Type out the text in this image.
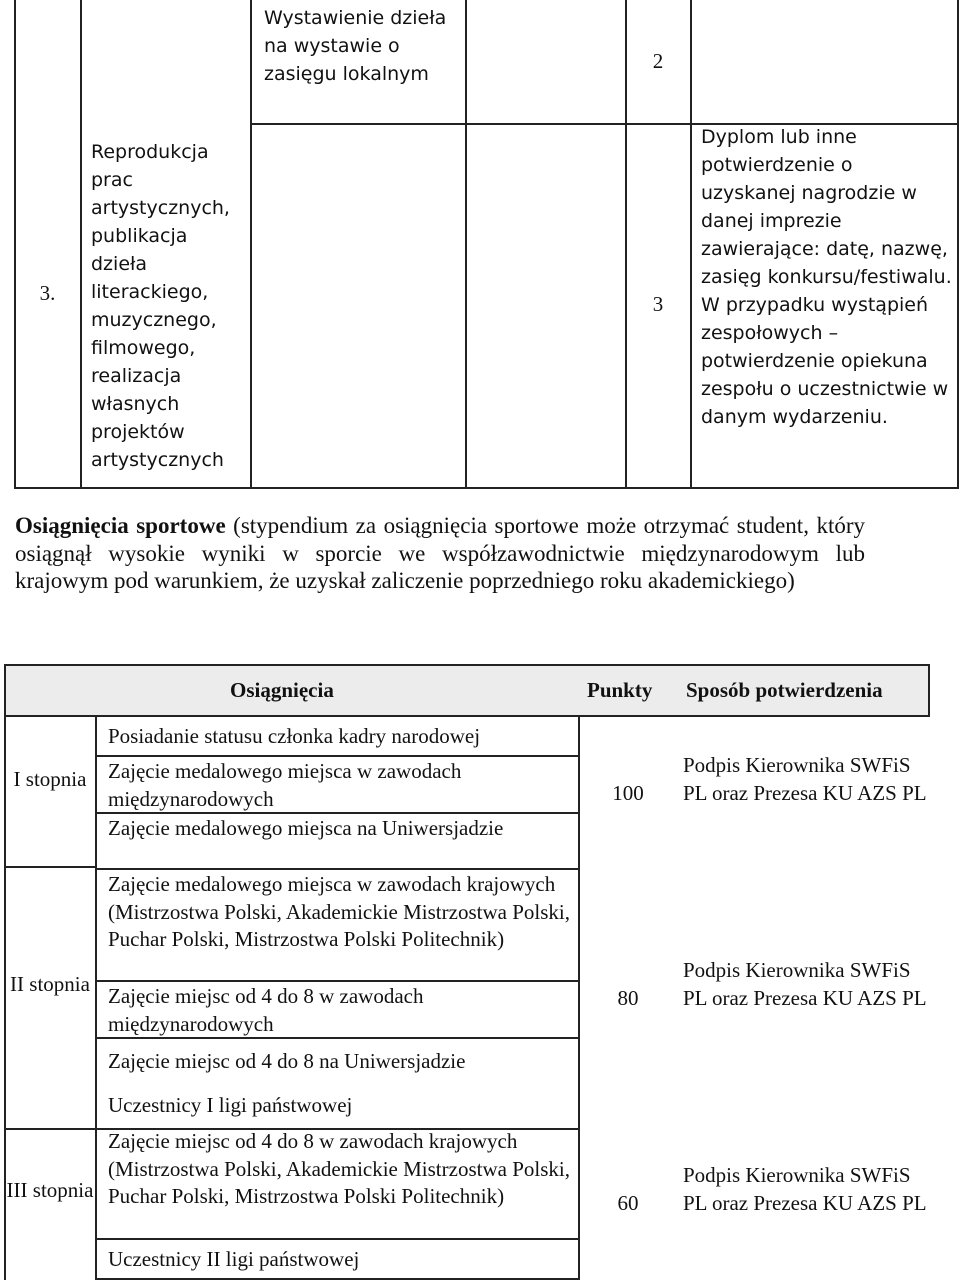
3.
Reprodukcja prac artystycznych, publikacja dzieła literackiego, muzycznego, filmowego, realizacja własnych projektów artystycznych
Wystawienie dzieła na wystawie o zasięgu lokalnym
2
3
Dyplom lub inne potwierdzenie o uzyskanej nagrodzie w danej imprezie zawierające: datę, nazwę, zasięg konkursu/festiwalu. W przypadku wystąpień zespołowych – potwierdzenie opiekuna zespołu o uczestnictwie w danym wydarzeniu.
Osiągnięcia sportowe (stypendium za osiągnięcia sportowe może otrzymać student, który osiągnął wysokie wyniki w sporcie we współzawodnictwie międzynarodowym lub krajowym pod warunkiem, że uzyskał zaliczenie poprzedniego roku akademickiego)
Osiągnięcia	Punkty Sposób potwierdzenia
I stopnia
Posiadanie statusu członka kadry narodowej
Zajęcie medalowego miejsca w zawodach międzynarodowych
Zajęcie medalowego miejsca na Uniwersjadzie
100
Podpis Kierownika SWFiS PL oraz Prezesa KU AZS PL
II stopnia
Zajęcie medalowego miejsca w zawodach krajowych (Mistrzostwa Polski, Akademickie Mistrzostwa Polski, Puchar Polski, Mistrzostwa Polski Politechnik)
Zajęcie miejsc od 4 do 8 w zawodach międzynarodowych
Zajęcie miejsc od 4 do 8 na Uniwersjadzie
Uczestnicy I ligi państwowej
80
Podpis Kierownika SWFiS PL oraz Prezesa KU AZS PL
III stopnia
Zajęcie miejsc od 4 do 8 w zawodach krajowych (Mistrzostwa Polski, Akademickie Mistrzostwa Polski, Puchar Polski, Mistrzostwa Polski Politechnik)
Uczestnicy II ligi państwowej
60
Podpis Kierownika SWFiS PL oraz Prezesa KU AZS PL
